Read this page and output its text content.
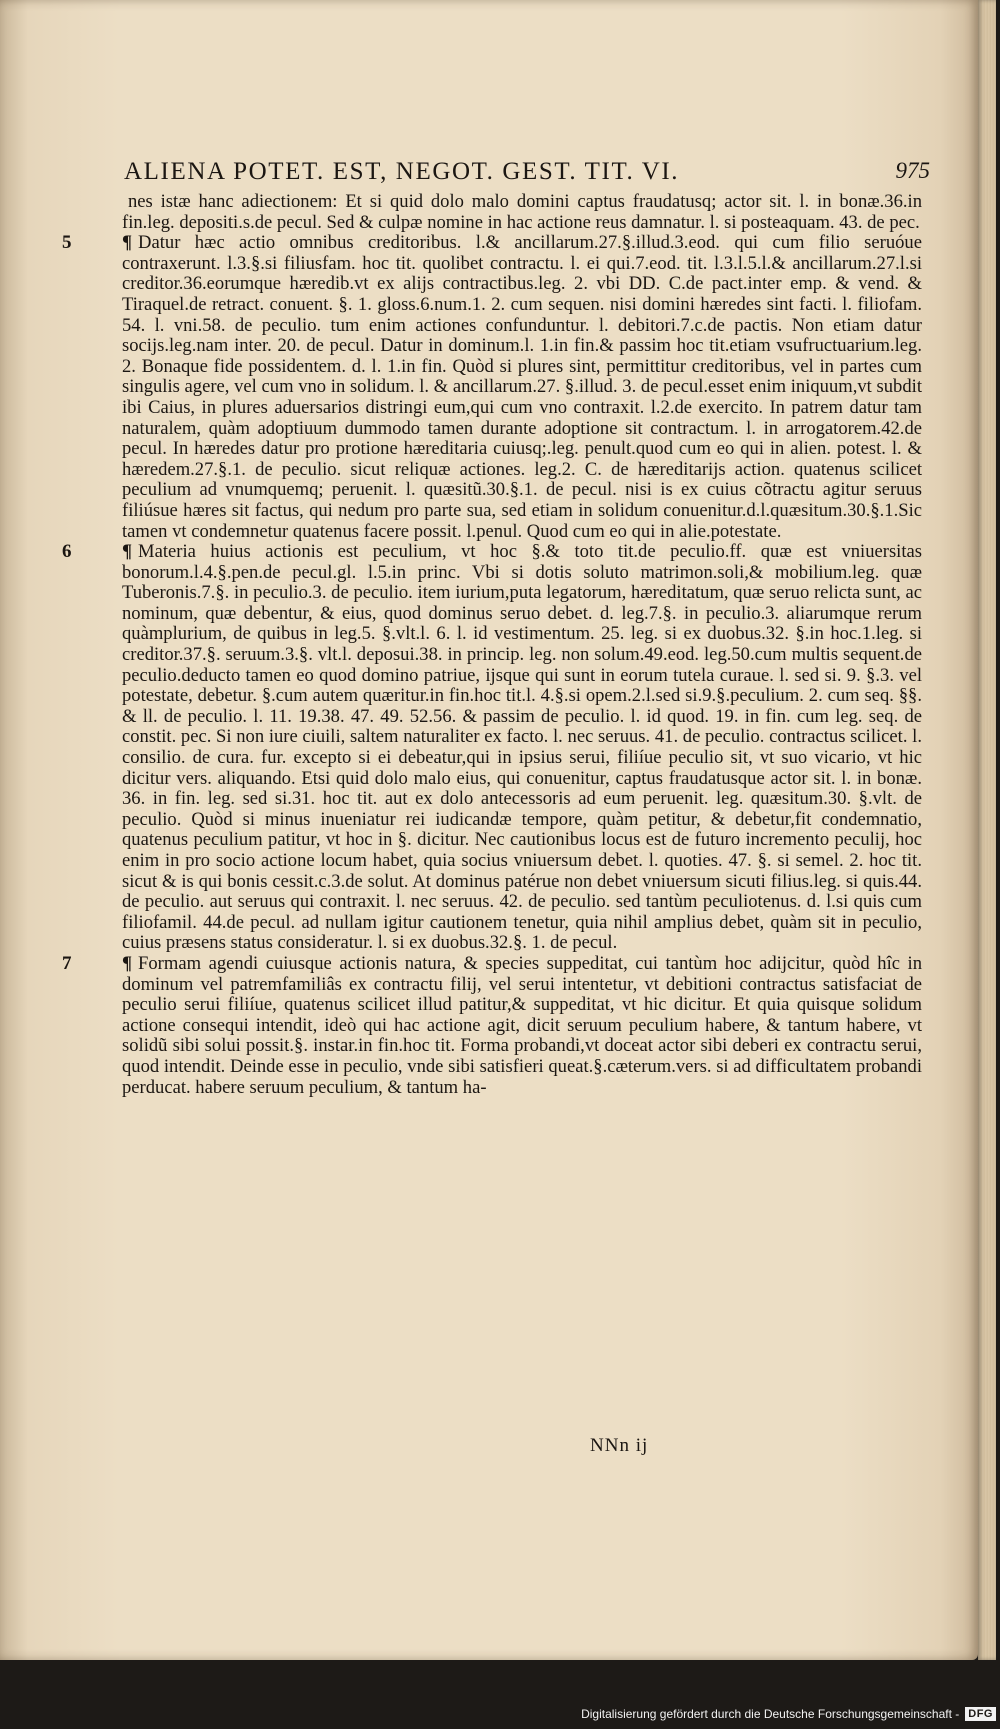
ALIENA POTET. EST, NEGOT. GEST. TIT. VI.	975

nes istæ hanc adiectionem: Et si quid dolo malo domini captus fraudatusq; actor sit. l. in bonæ.36.in fin.leg. depositi.s.de pecul. Sed & culpæ nomine in hac actione reus damnatur. l. si posteaquam. 43. de pec.

5	¶ Datur hæc actio omnibus creditoribus. l.& ancillarum.27.§.illud.3.eod. qui cum filio seruóue contraxerunt. l.3.§.si filiusfam. hoc tit. quolibet contractu. l. ei qui.7.eod. tit. l.3.l.5.l.& ancillarum.27.l.si creditor.36.eorumque hæredib.vt ex alijs contractibus.leg. 2. vbi DD. C.de pact.inter emp. & vend. & Tiraquel.de retract. conuent. §. 1. gloss.6.num.1. 2. cum sequen. nisi domini hæredes sint facti. l. filiofam. 54. l. vni.58. de peculio. tum enim actiones confunduntur. l. debitori.7.c.de pactis. Non etiam datur socijs.leg.nam inter. 20. de pecul. Datur in dominum.l. 1.in fin.& passim hoc tit.etiam vsufructuarium.leg. 2. Bonaque fide possidentem. d. l. 1.in fin. Quòd si plures sint, permittitur creditoribus, vel in partes cum singulis agere, vel cum vno in solidum. l. & ancillarum.27. §.illud. 3. de pecul.esset enim iniquum,vt subdit ibi Caius, in plures aduersarios distringi eum,qui cum vno contraxit. l.2.de exercito. In patrem datur tam naturalem, quàm adoptiuum dummodo tamen durante adoptione sit contractum. l. in arrogatorem.42.de pecul. In hæredes datur pro protione hæreditaria cuiusq;.leg. penult.quod cum eo qui in alien. potest. l. & hæredem.27.§.1. de peculio. sicut reliquæ actiones. leg.2. C. de hæreditarijs action. quatenus scilicet peculium ad vnumquemq; peruenit. l. quæsitũ.30.§.1. de pecul. nisi is ex cuius cõtractu agitur seruus filiúsue hæres sit factus, qui nedum pro parte sua, sed etiam in solidum conuenitur.d.l.quæsitum.30.§.1.Sic tamen vt condemnetur quatenus facere possit. l.penul. Quod cum eo qui in alie.potestate.

6	¶ Materia huius actionis est peculium, vt hoc §.& toto tit.de peculio.ff. quæ est vniuersitas bonorum.l.4.§.pen.de pecul.gl. l.5.in princ. Vbi si dotis soluto matrimon.soli,& mobilium.leg. quæ Tuberonis.7.§. in peculio.3. de peculio. item iurium,puta legatorum, hæreditatum, quæ seruo relicta sunt, ac nominum, quæ debentur, & eius, quod dominus seruo debet. d. leg.7.§. in peculio.3. aliarumque rerum quàmplurium, de quibus in leg.5. §.vlt.l. 6. l. id vestimentum. 25. leg. si ex duobus.32. §.in hoc.1.leg. si creditor.37.§. seruum.3.§. vlt.l. deposui.38. in princip. leg. non solum.49.eod. leg.50.cum multis sequent.de peculio.deducto tamen eo quod domino patriue, ijsque qui sunt in eorum tutela curaue. l. sed si. 9. §.3. vel potestate, debetur. §.cum autem quæritur.in fin.hoc tit.l. 4.§.si opem.2.l.sed si.9.§.peculium. 2. cum seq. §§. & ll. de peculio. l. 11. 19.38. 47. 49. 52.56. & passim de peculio. l. id quod. 19. in fin. cum leg. seq. de constit. pec. Si non iure ciuili, saltem naturaliter ex facto. l. nec seruus. 41. de peculio. contractus scilicet. l. consilio. de cura. fur. excepto si ei debeatur,qui in ipsius serui, filiíue peculio sit, vt suo vicario, vt hic dicitur vers. aliquando. Etsi quid dolo malo eius, qui conuenitur, captus fraudatusque actor sit. l. in bonæ. 36. in fin. leg. sed si.31. hoc tit. aut ex dolo antecessoris ad eum peruenit. leg. quæsitum.30. §.vlt. de peculio. Quòd si minus inueniatur rei iudicandæ tempore, quàm petitur, & debetur,fit condemnatio, quatenus peculium patitur, vt hoc in §. dicitur. Nec cautionibus locus est de futuro incremento peculij, hoc enim in pro socio actione locum habet, quia socius vniuersum debet. l. quoties. 47. §. si semel. 2. hoc tit. sicut & is qui bonis cessit.c.3.de solut. At dominus patérue non debet vniuersum sicuti filius.leg. si quis.44. de peculio. aut seruus qui contraxit. l. nec seruus. 42. de peculio. sed tantùm peculiotenus. d. l.si quis cum filiofamil. 44.de pecul. ad nullam igitur cautionem tenetur, quia nihil amplius debet, quàm sit in peculio, cuius præsens status consideratur. l. si ex duobus.32.§. 1. de pecul.

7	¶ Formam agendi cuiusque actionis natura, & species suppeditat, cui tantùm hoc adijcitur, quòd hîc in dominum vel patremfamiliâs ex contractu filij, vel serui intentetur, vt debitioni contractus satisfaciat de peculio serui filiíue, quatenus scilicet illud patitur,& suppeditat, vt hic dicitur. Et quia quisque solidum actione consequi intendit, ideò qui hac actione agit, dicit seruum peculium habere, & tantum habere, vt solidũ sibi solui possit.§. instar.in fin.hoc tit. Forma probandi,vt doceat actor sibi deberi ex contractu serui, quod intendit. Deinde esse in peculio, vnde sibi satisfieri queat.§.cæterum.vers. si ad difficultatem probandi perducat. habere seruum peculium, & tantum ha-

NNn ij
Digitalisierung gefördert durch die Deutsche Forschungsgemeinschaft - DFG
